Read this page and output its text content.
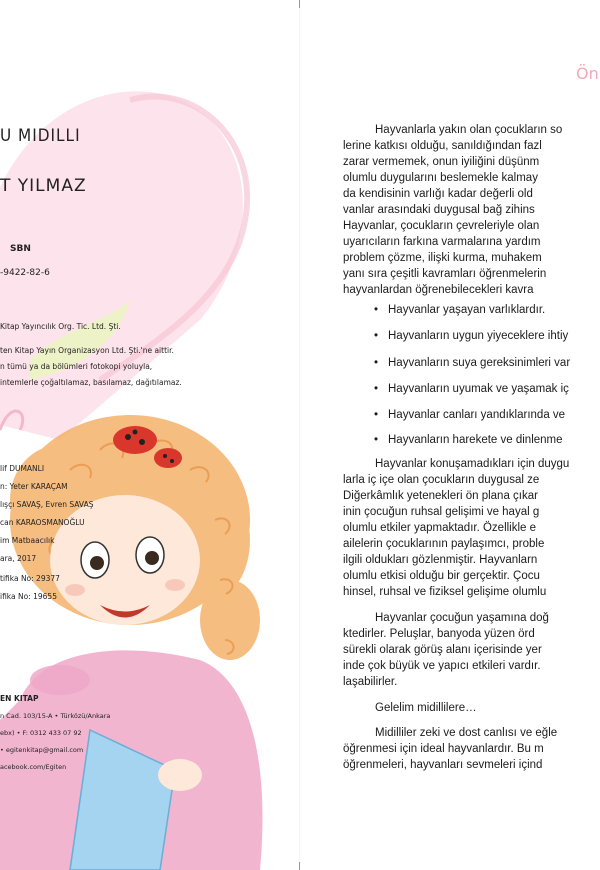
U MIDILLI
T YILMAZ
SBN
-9422-82-6
Kitap Yayıncılık Org. Tic. Ltd. Şti.
ten Kitap Yayın Organizasyon Ltd. Şti.'ne aittir.
n tümü ya da bölümleri fotokopi yoluyla,
intemlerle çoğaltılamaz, basılamaz, dağıtılamaz.
lif DUMANLI
n: Yeter KARAÇAM
lışçı SAVAŞ, Evren SAVAŞ
can KARAOSMANOĞLU
im Matbaacılık
ara, 2017
tifika No: 29377
ifika No: 19655
EN KITAP
n Cad. 103/15-A • Türközü/Ankara
ebx) • F: 0312 433 07 92
• egitenkitap@gmail.com
acebook.com/Egiten
Ön
Hayvanlarla yakın olan çocukların so
lerine katkısı olduğu, sanıldığından fazl
zarar vermemek, onun iyiliğini düşünm
olumlu duygularını beslemekle kalmay
da kendisinin varlığı kadar değerli old
vanlar arasındaki duygusal bağ zihins
Hayvanlar, çocukların çevreleriyle olan
uyarıcıların farkına varmalarına yardım
problem çözme, ilişki kurma, muhakem
yanı sıra çeşitli kavramları öğrenmelerin
hayvanlardan öğrenebilecekleri kavra
• Hayvanlar yaşayan varlıklardır.
• Hayvanların uygun yiyeceklere ihtiy
• Hayvanların suya gereksinimleri var
• Hayvanların uyumak ve yaşamak iç
• Hayvanlar canları yandıklarında ve
• Hayvanların harekete ve dinlenme
Hayvanlar konuşamadıkları için duygu
larla iç içe olan çocukların duygusal ze
Diğerkâmlık yetenekleri ön plana çıkar
inin çocuğun ruhsal gelişimi ve hayal g
olumlu etkiler yapmaktadır. Özellikle e
ailelerin çocuklarının paylaşımcı, proble
ilgili oldukları gözlenmiştir. Hayvanlarn
olumlu etkisi olduğu bir gerçektir. Çocu
hinsel, ruhsal ve fiziksel gelişime olumlu
Hayvanlar çocuğun yaşamına doğ
ktedirler. Peluşlar, banyoda yüzen örd
sürekli olarak görüş alanı içerisinde yer
inde çok büyük ve yapıcı etkileri vardır.
laşabilirler.
Gelelim midillilere…
Midilliler zeki ve dost canlısı ve eğle
öğrenmesi için ideal hayvanlardır. Bu m
öğrenmeleri, hayvanları sevmeleri içind
